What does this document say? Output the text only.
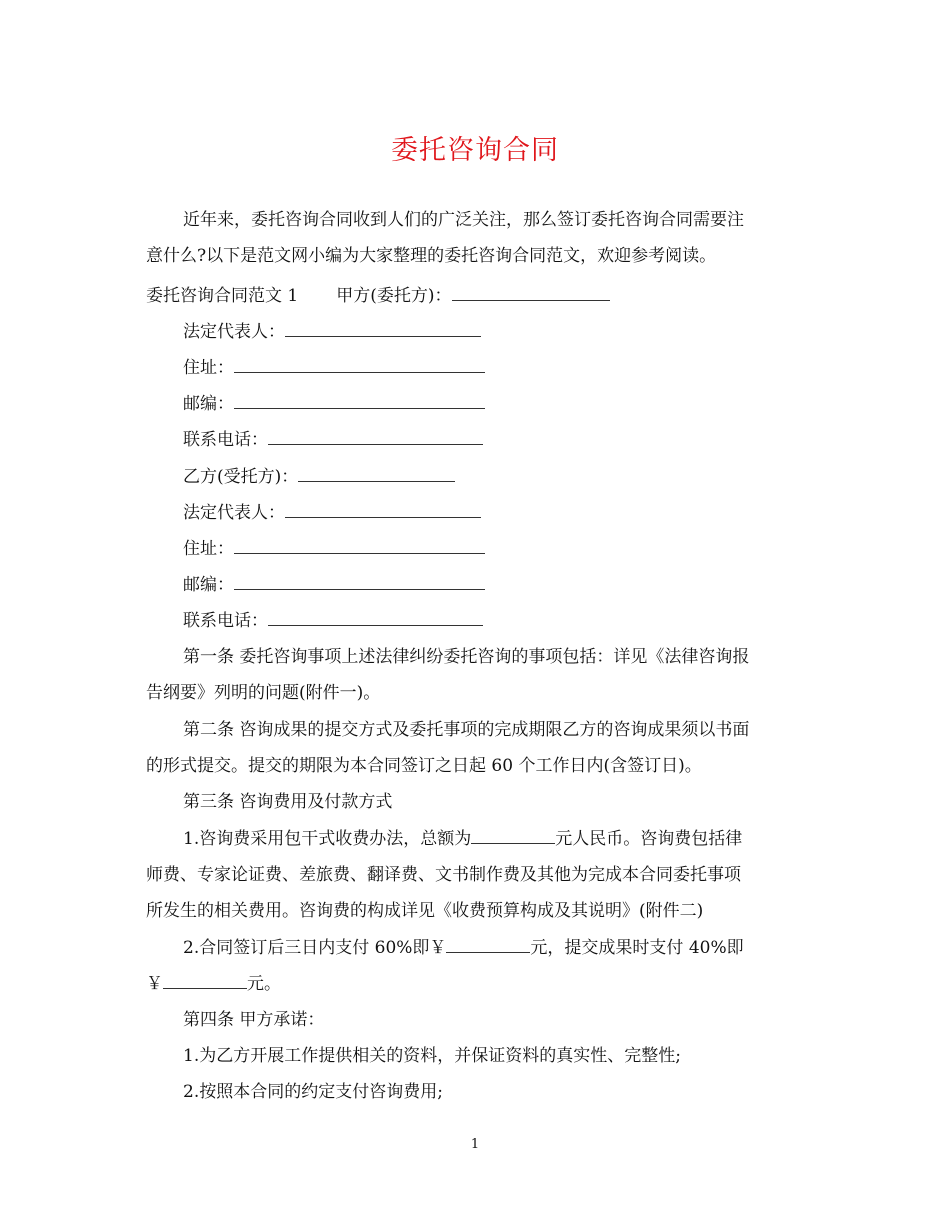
委托咨询合同
近年来，委托咨询合同收到人们的广泛关注，那么签订委托咨询合同需要注
意什么?以下是范文网小编为大家整理的委托咨询合同范文，欢迎参考阅读。
委托咨询合同范文 1 甲方(委托方)：
法定代表人：
住址：
邮编：
联系电话：
乙方(受托方)：
法定代表人：
住址：
邮编：
联系电话：
第一条 委托咨询事项上述法律纠纷委托咨询的事项包括：详见《法律咨询报
告纲要》列明的问题(附件一)。
第二条 咨询成果的提交方式及委托事项的完成期限乙方的咨询成果须以书面
的形式提交。提交的期限为本合同签订之日起 60 个工作日内(含签订日)。
第三条 咨询费用及付款方式
1.咨询费采用包干式收费办法，总额为	元人民币。咨询费包括律
师费、专家论证费、差旅费、翻译费、文书制作费及其他为完成本合同委托事项
所发生的相关费用。咨询费的构成详见《收费预算构成及其说明》(附件二)
2.合同签订后三日内支付 60%即￥	元，提交成果时支付 40%即
￥	元。
第四条 甲方承诺：
1.为乙方开展工作提供相关的资料，并保证资料的真实性、完整性;
2.按照本合同的约定支付咨询费用;
1
